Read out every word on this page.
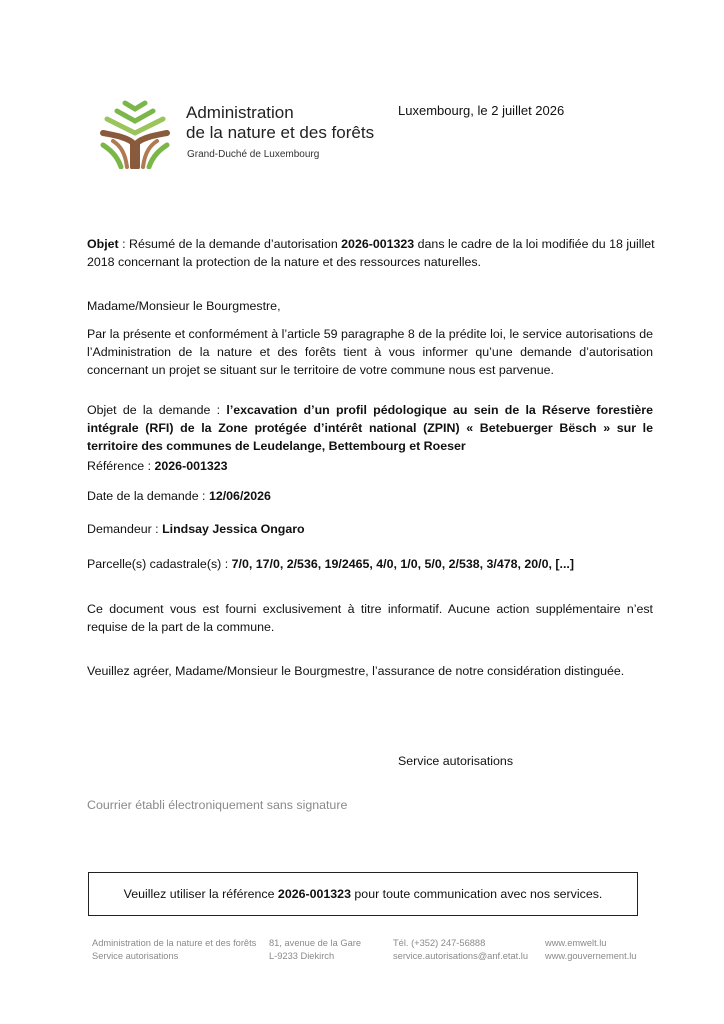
Administration
de la nature et des forêts
Grand-Duché de Luxembourg
Luxembourg, le 2 juillet 2026
Objet : Résumé de la demande d’autorisation 2026-001323 dans le cadre de la loi modifiée du 18 juillet
2018 concernant la protection de la nature et des ressources naturelles.
Madame/Monsieur le Bourgmestre,
Par la présente et conformément à l’article 59 paragraphe 8 de la prédite loi, le service autorisations de l’Administration de la nature et des forêts tient à vous informer qu’une demande d’autorisation concernant un projet se situant sur le territoire de votre commune nous est parvenue.
Objet de la demande : l’excavation d’un profil pédologique au sein de la Réserve forestière intégrale (RFI) de la Zone protégée d’intérêt national (ZPIN) « Betebuerger Bësch » sur le territoire des communes de Leudelange, Bettembourg et Roeser
Référence : 2026-001323
Date de la demande : 12/06/2026
Demandeur : Lindsay Jessica Ongaro
Parcelle(s) cadastrale(s) : 7/0, 17/0, 2/536, 19/2465, 4/0, 1/0, 5/0, 2/538, 3/478, 20/0, [...]
Ce document vous est fourni exclusivement à titre informatif. Aucune action supplémentaire n’est requise de la part de la commune.
Veuillez agréer, Madame/Monsieur le Bourgmestre, l’assurance de notre considération distinguée.
Service autorisations
Courrier établi électroniquement sans signature
Veuillez utiliser la référence 2026-001323 pour toute communication avec nos services.
Administration de la nature et des forêts
Service autorisations
81, avenue de la Gare
L-9233 Diekirch
Tél. (+352) 247-56888
service.autorisations@anf.etat.lu
www.emwelt.lu
www.gouvernement.lu
